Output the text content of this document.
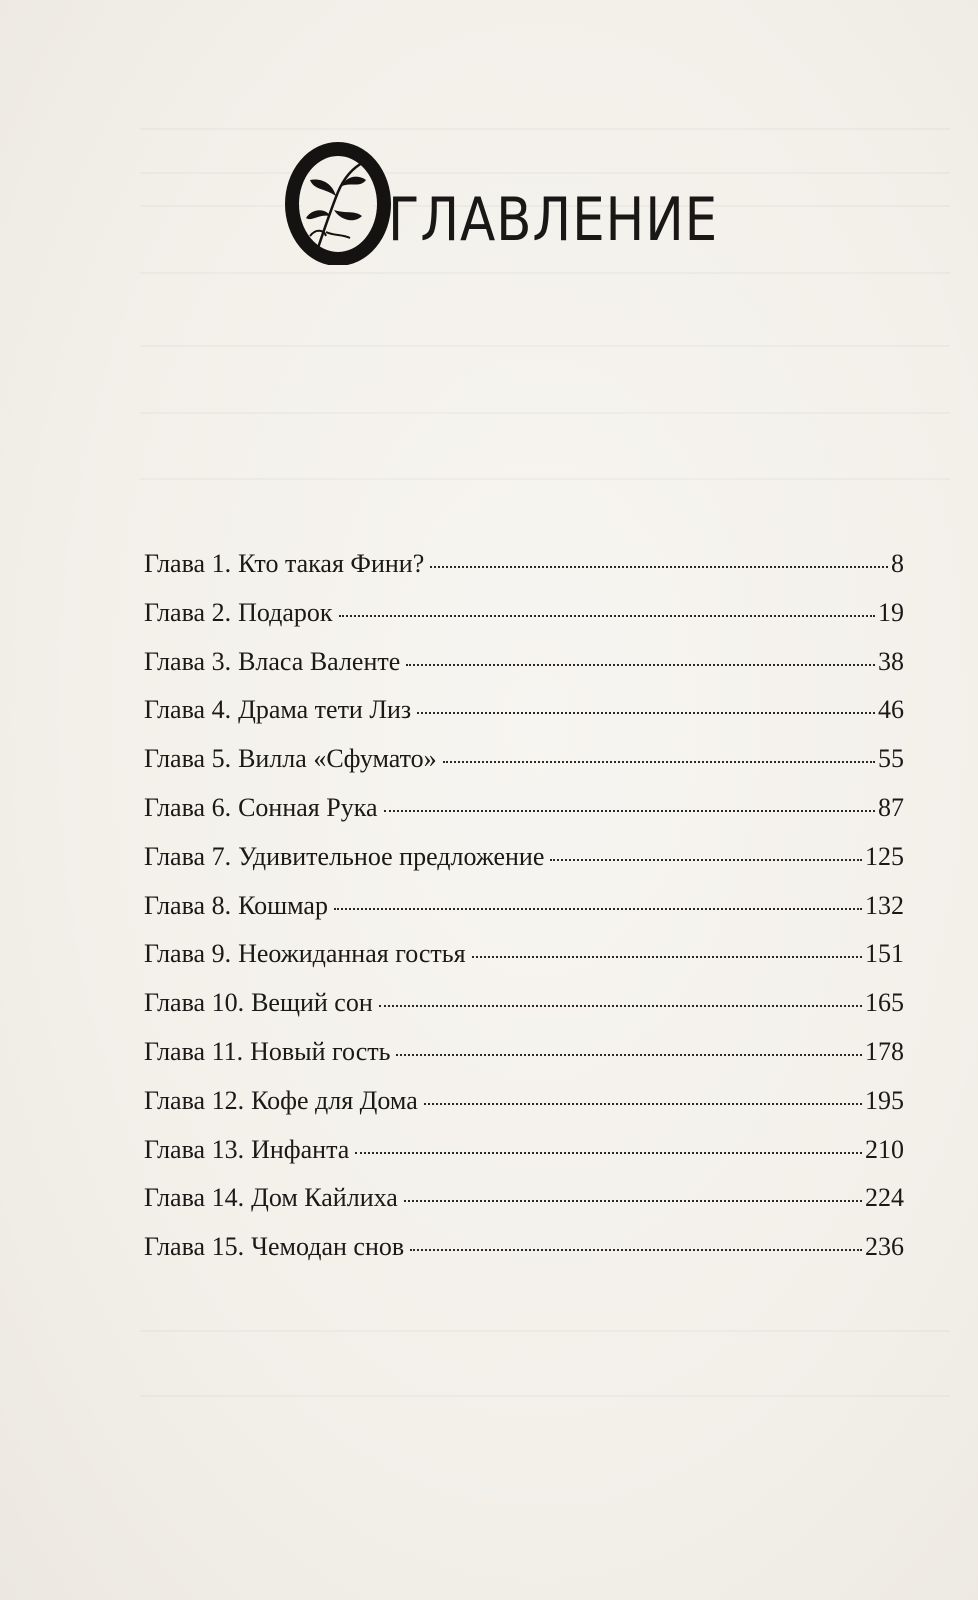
ГЛАВЛЕНИЕ
Глава 1. Кто такая Фини?	8
Глава 2. Подарок	19
Глава 3. Власа Валенте	38
Глава 4. Драма тети Лиз	46
Глава 5. Вилла «Сфумато»	55
Глава 6. Сонная Рука	87
Глава 7. Удивительное предложение	125
Глава 8. Кошмар	132
Глава 9. Неожиданная гостья	151
Глава 10. Вещий сон	165
Глава 11. Новый гость	178
Глава 12. Кофе для Дома	195
Глава 13. Инфанта	210
Глава 14. Дом Кайлиха	224
Глава 15. Чемодан снов	236
